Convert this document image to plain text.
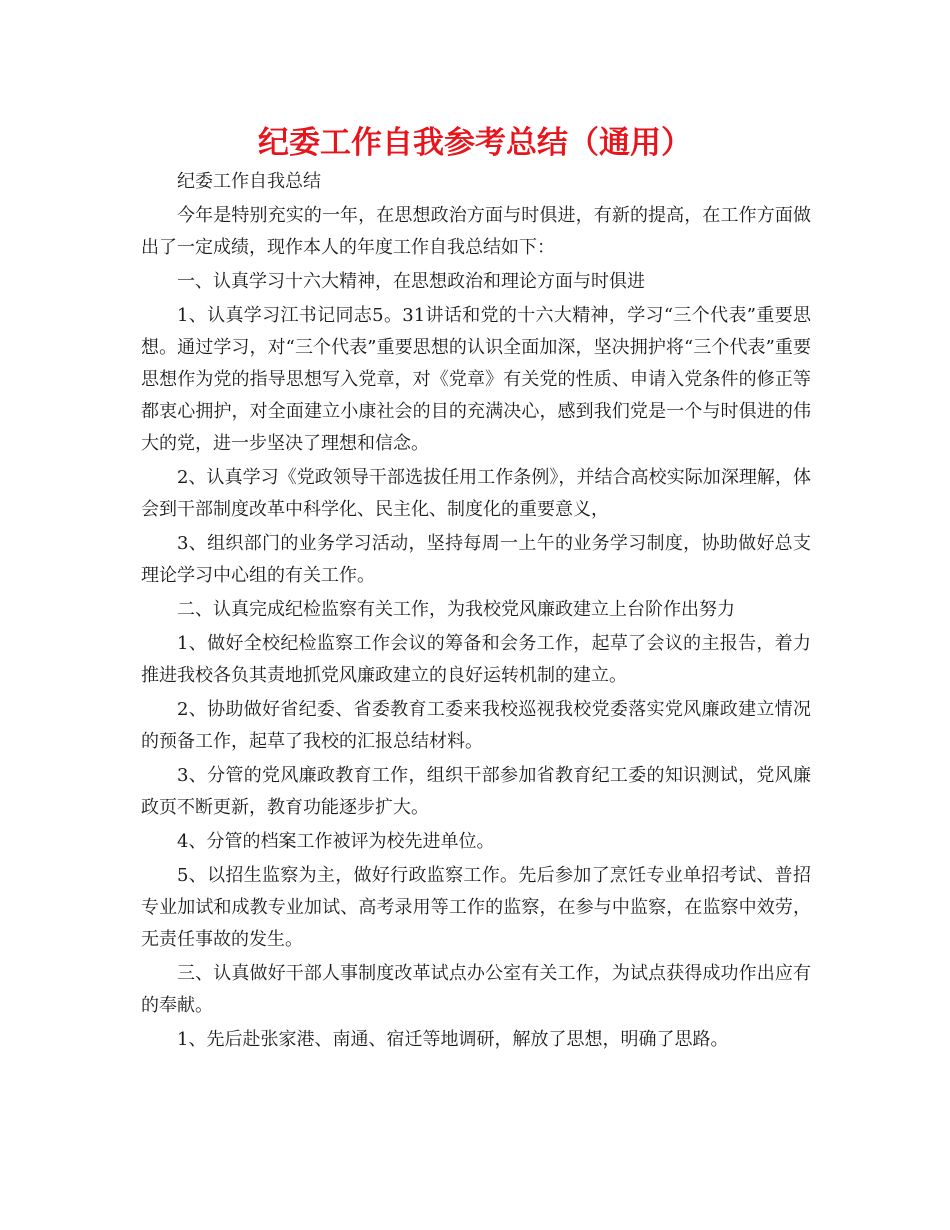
纪委工作自我参考总结（通用）

纪委工作自我总结

今年是特别充实的一年，在思想政治方面与时俱进，有新的提高，在工作方面做出了一定成绩，现作本人的年度工作自我总结如下：

一、认真学习十六大精神，在思想政治和理论方面与时俱进

1、认真学习江书记同志5。31讲话和党的十六大精神，学习“三个代表”重要思想。通过学习，对“三个代表”重要思想的认识全面加深，坚决拥护将“三个代表”重要思想作为党的指导思想写入党章，对《党章》有关党的性质、申请入党条件的修正等都衷心拥护，对全面建立小康社会的目的充满决心，感到我们党是一个与时俱进的伟大的党，进一步坚决了理想和信念。

2、认真学习《党政领导干部选拔任用工作条例》，并结合高校实际加深理解，体会到干部制度改革中科学化、民主化、制度化的重要意义，

3、组织部门的业务学习活动，坚持每周一上午的业务学习制度，协助做好总支理论学习中心组的有关工作。

二、认真完成纪检监察有关工作，为我校党风廉政建立上台阶作出努力

1、做好全校纪检监察工作会议的筹备和会务工作，起草了会议的主报告，着力推进我校各负其责地抓党风廉政建立的良好运转机制的建立。

2、协助做好省纪委、省委教育工委来我校巡视我校党委落实党风廉政建立情况的预备工作，起草了我校的汇报总结材料。

3、分管的党风廉政教育工作，组织干部参加省教育纪工委的知识测试，党风廉政页不断更新，教育功能逐步扩大。

4、分管的档案工作被评为校先进单位。

5、以招生监察为主，做好行政监察工作。先后参加了烹饪专业单招考试、普招专业加试和成教专业加试、高考录用等工作的监察，在参与中监察，在监察中效劳，无责任事故的发生。

三、认真做好干部人事制度改革试点办公室有关工作，为试点获得成功作出应有的奉献。

1、先后赴张家港、南通、宿迁等地调研，解放了思想，明确了思路。
